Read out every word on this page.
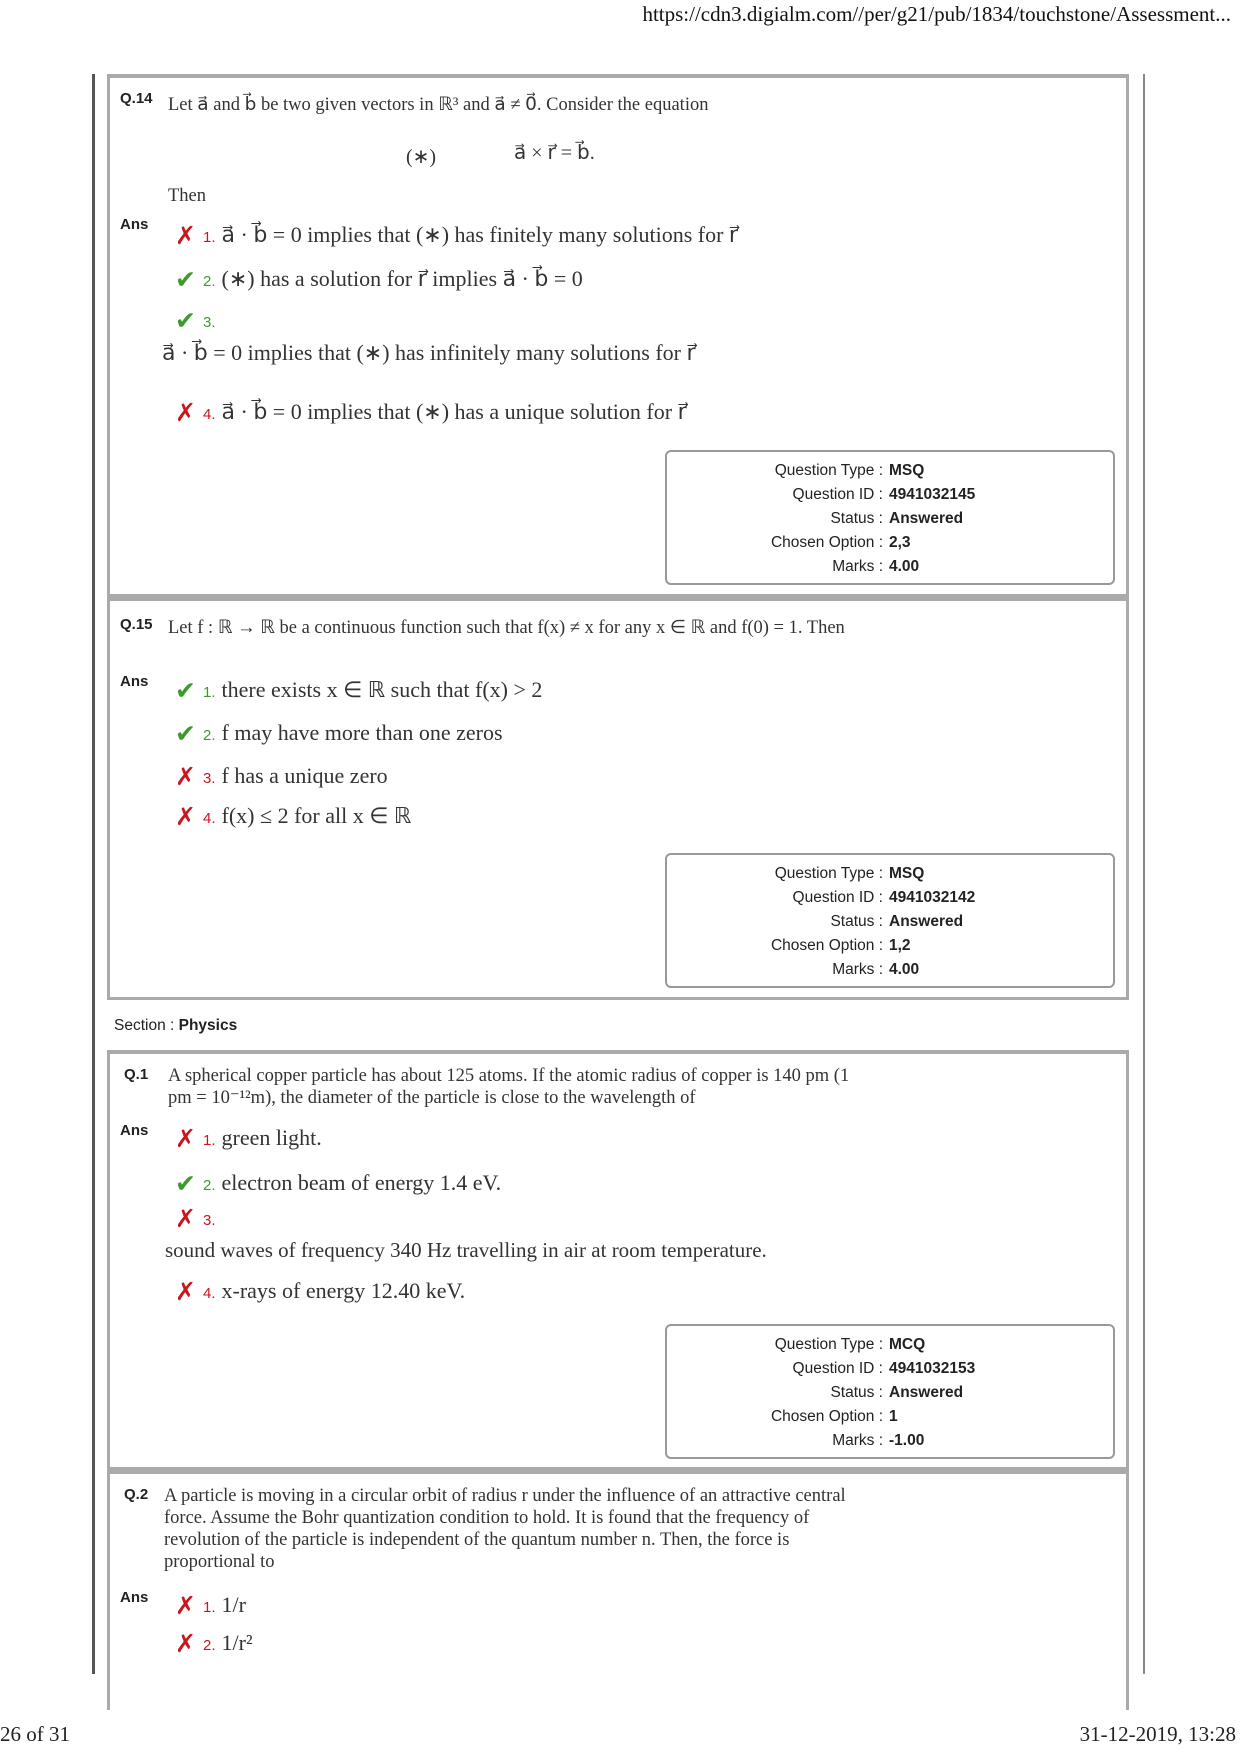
https://cdn3.digialm.com//per/g21/pub/1834/touchstone/Assessment...
Q.14 Let a⃗ and b⃗ be two given vectors in ℝ³ and a⃗ ≠ 0⃗. Consider the equation
(∗)	a⃗ × r⃗ = b⃗.
Then
Ans ✗ 1. a⃗ · b⃗ = 0 implies that (∗) has finitely many solutions for r⃗
✔ 2. (∗) has a solution for r⃗ implies a⃗ · b⃗ = 0
✔ 3.
a⃗ · b⃗ = 0 implies that (∗) has infinitely many solutions for r⃗
✗ 4. a⃗ · b⃗ = 0 implies that (∗) has a unique solution for r⃗
Question Type : MSQ
Question ID : 4941032145
Status : Answered
Chosen Option : 2,3
Marks : 4.00
Q.15 Let f : ℝ → ℝ be a continuous function such that f(x) ≠ x for any x ∈ ℝ and f(0) = 1. Then
Ans ✔ 1. there exists x ∈ ℝ such that f(x) > 2
✔ 2. f may have more than one zeros
✗ 3. f has a unique zero
✗ 4. f(x) ≤ 2 for all x ∈ ℝ
Question Type : MSQ
Question ID : 4941032142
Status : Answered
Chosen Option : 1,2
Marks : 4.00
Section : Physics
Q.1 A spherical copper particle has about 125 atoms. If the atomic radius of copper is 140 pm (1 pm = 10⁻¹²m), the diameter of the particle is close to the wavelength of
Ans ✗ 1. green light.
✔ 2. electron beam of energy 1.4 eV.
✗ 3.
sound waves of frequency 340 Hz travelling in air at room temperature.
✗ 4. x-rays of energy 12.40 keV.
Question Type : MCQ
Question ID : 4941032153
Status : Answered
Chosen Option : 1
Marks : -1.00
Q.2 A particle is moving in a circular orbit of radius r under the influence of an attractive central force. Assume the Bohr quantization condition to hold. It is found that the frequency of revolution of the particle is independent of the quantum number n. Then, the force is proportional to
Ans ✗ 1. 1/r
✗ 2. 1/r²
26 of 31	31-12-2019, 13:28
